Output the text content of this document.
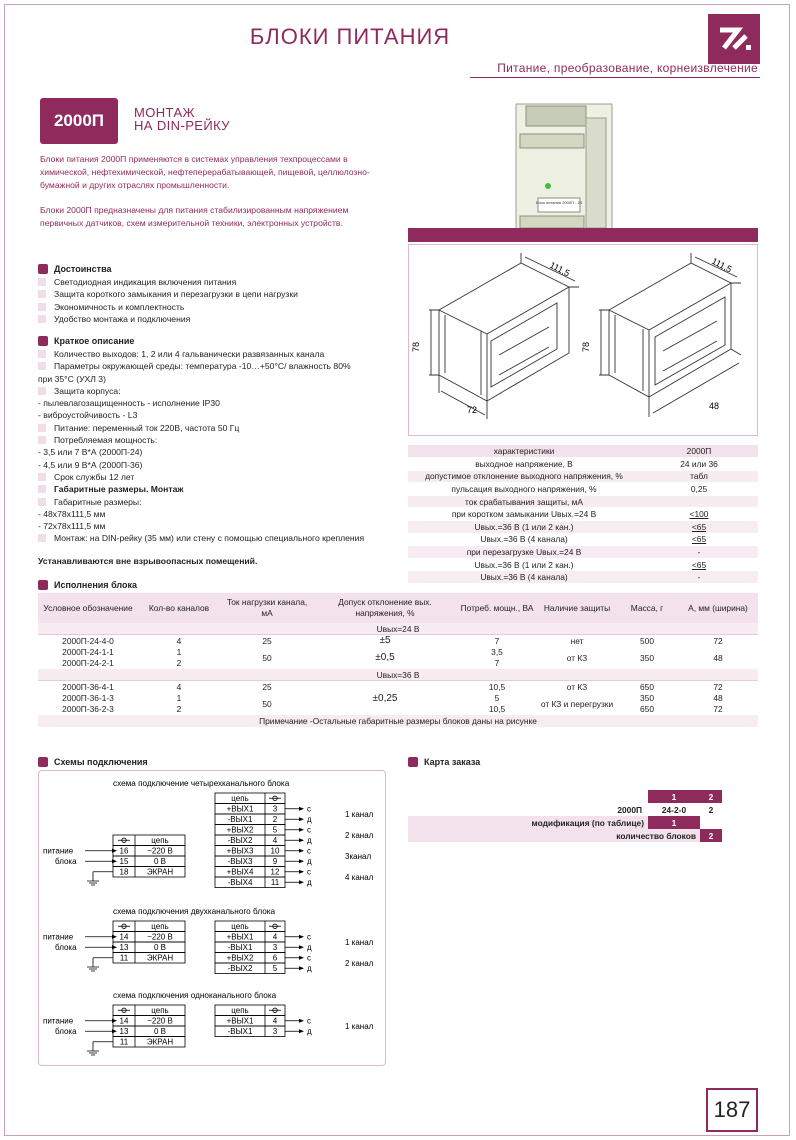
БЛОКИ ПИТАНИЯ
Питание, преобразование, корнеизвлечение
2000П	МОНТАЖ
НА DIN-РЕЙКУ

Блоки питания 2000П применяются в системах управления техпроцессами в химической, нефтехимической, нефтеперерабатывающей, пищевой, целлюлознобумажной и других отраслях промышленности.

Блоки 2000П предназначены для питания стабилизированным напряжением первичных датчиков, схем измерительной техники, электронных устройств.

Блок питания 2000П - 24
111,5
78
72
111,5
78
48
Достоинства
Светодиодная индикация включения питания
Защита короткого замыкания и перезагрузки в цепи нагрузки
Экономичность и комплектность
Удобство монтажа и подключения
Краткое описание
Количество выходов: 1, 2 или 4 гальванически развязанных канала
Параметры окружающей среды: температура -10…+50°С/ влажность 80%
при 35°С (УХЛ 3)
Защита корпуса:
- пылевлагозащищенность - исполнение IP30
- виброустойчивость - L3
Питание: переменный ток 220В, частота 50 Гц
Потребляемая мощность:
- 3,5 или 7 В*А (2000П-24)
- 4,5 или 9 В*А (2000П-36)
Срок службы 12 лет
Габаритные размеры. Монтаж
Габаритные размеры:
- 48х78х111,5 мм
- 72х78х111,5 мм
Монтаж: на DIN-рейку (35 мм) или стену с помощью специального крепления
Устанавливаются вне взрывоопасных помещений.
характеристики	2000П
выходное напряжение, В	24 или 36
допустимое отклонение выходного напряжения, %	табл
пульсация выходного напряжения, %	0,25
ток срабатывания защиты, мА	
при коротком замыкании Uвых.=24 В	<100
Uвых.=36 В (1 или 2 кан.)	<65
Uвых.=36 В (4 канала)	<65
при перезагрузке Uвых.=24 В	-
Uвых.=36 В (1 или 2 кан.)	<65
Uвых.=36 В (4 канала)	-
Исполнения блока
Условное обозначение	Кол-во каналов	Ток нагрузки канала, мА	Допуск отклонение вых. напряжения, %	Потреб. мощн., ВА	Наличие защиты	Масса, г	А, мм (ширина)
Uвых=24 В							
2000П-24-4-0	4	25	±5	7	нет	500	72
2000П-24-1-1	1	50	±0,5	3,5	от КЗ	350	48
2000П-24-2-1	2			7			
Uвых=36 В							
2000П-36-4-1	4	25	±0,25	10,5	от КЗ	650	72
2000П-36-1-3	1	50		5	от КЗ и перегрузки	350	48
2000П-36-2-3	2			10,5		650	72
Примечание -Остальные габаритные размеры блоков даны на рисунке							
Схемы подключения
схема подключение четырехканального блока
цепь
+ВЫХ1 3	с
-ВЫХ1	2	д
+ВЫХ2 5	с
-ВЫХ2	4	д
+ВЫХ3 10	с
-ВЫХ3	9	д
+ВЫХ4 12	с
-ВЫХ4 11	д
1 канал
2 канал
3канал
4 канал
цепь
16 ~220 В
15	0 В
18 ЭКРАН
питание
блока
схема подключения двухканального блока
цепь
+ВЫХ1 4	с
-ВЫХ1	3	д
+ВЫХ2 6	с
-ВЫХ2	5	д
1 канал
2 канал
цепь
14 ~220 В
13	0 В
11 ЭКРАН
питание
блока
схема подключения одноканального блока
цепь
+ВЫХ1 4	с
-ВЫХ1	3	д
1 канал
цепь
14 ~220 В
13	0 В
11 ЭКРАН
питание
блока
Карта заказа
	1	2
2000П	24-2-0	2
модификация (по таблице)	1	
количество блоков		2
187
